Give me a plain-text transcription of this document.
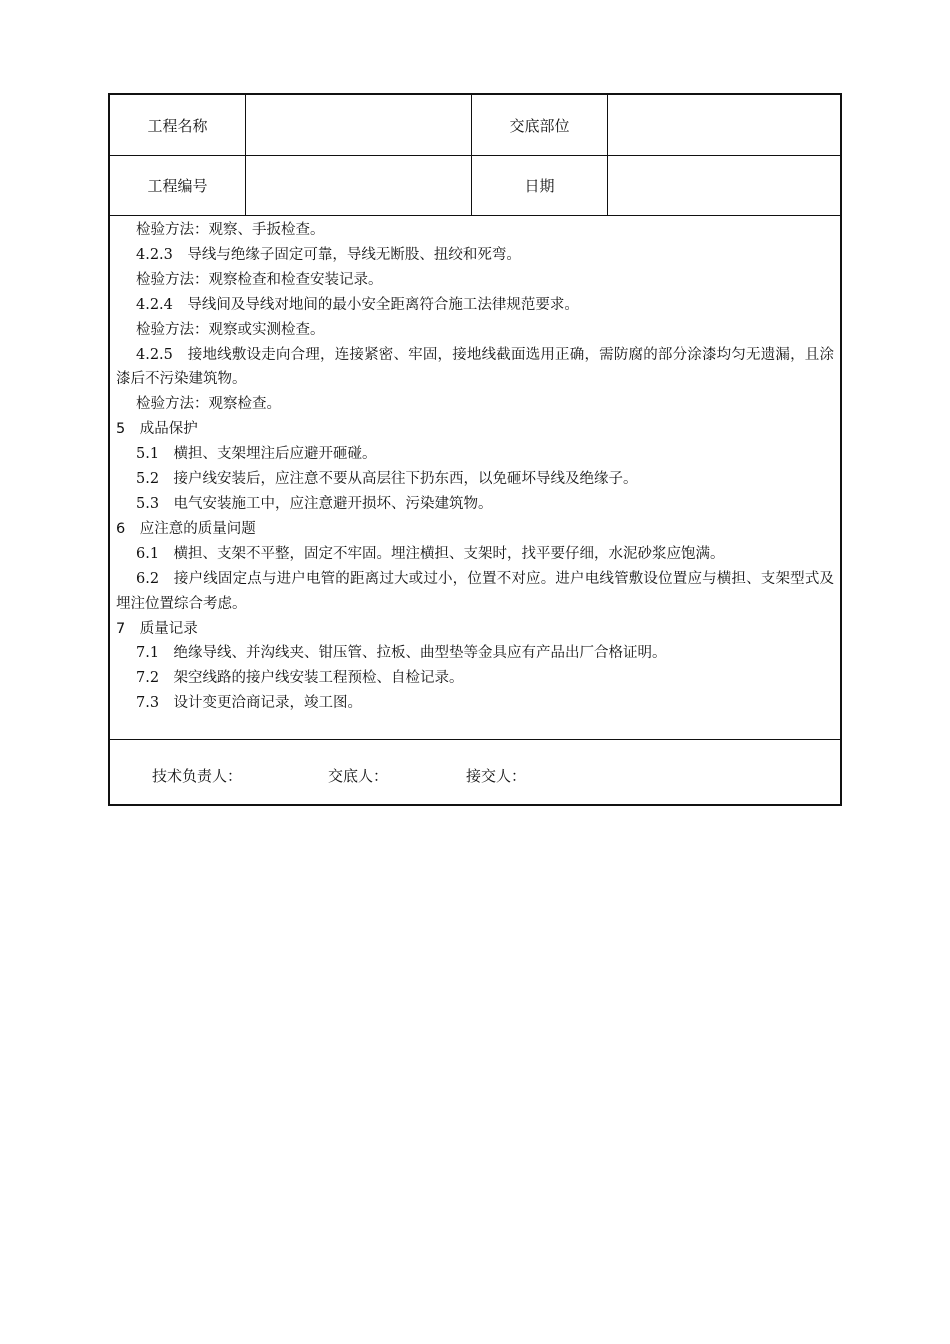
工程名称	交底部位
工程编号	日期
检验方法：观察、手扳检查。
4.2.3　导线与绝缘子固定可靠，导线无断股、扭绞和死弯。
检验方法：观察检查和检查安装记录。
4.2.4　导线间及导线对地间的最小安全距离符合施工法律规范要求。
检验方法：观察或实测检查。
4.2.5　接地线敷设走向合理，连接紧密、牢固，接地线截面选用正确，需防腐的部分涂漆均匀无遗漏，且涂漆后不污染建筑物。
检验方法：观察检查。
5　成品保护
5.1　横担、支架埋注后应避开砸碰。
5.2　接户线安装后，应注意不要从高层往下扔东西，以免砸坏导线及绝缘子。
5.3　电气安装施工中，应注意避开损坏、污染建筑物。
6　应注意的质量问题
6.1　横担、支架不平整，固定不牢固。埋注横担、支架时，找平要仔细，水泥砂浆应饱满。
6.2　接户线固定点与进户电管的距离过大或过小，位置不对应。进户电线管敷设位置应与横担、支架型式及埋注位置综合考虑。
7　质量记录
7.1　绝缘导线、并沟线夹、钳压管、拉板、曲型垫等金具应有产品出厂合格证明。
7.2　架空线路的接户线安装工程预检、自检记录。
7.3　设计变更洽商记录，竣工图。
技术负责人：	交底人：	接交人：
